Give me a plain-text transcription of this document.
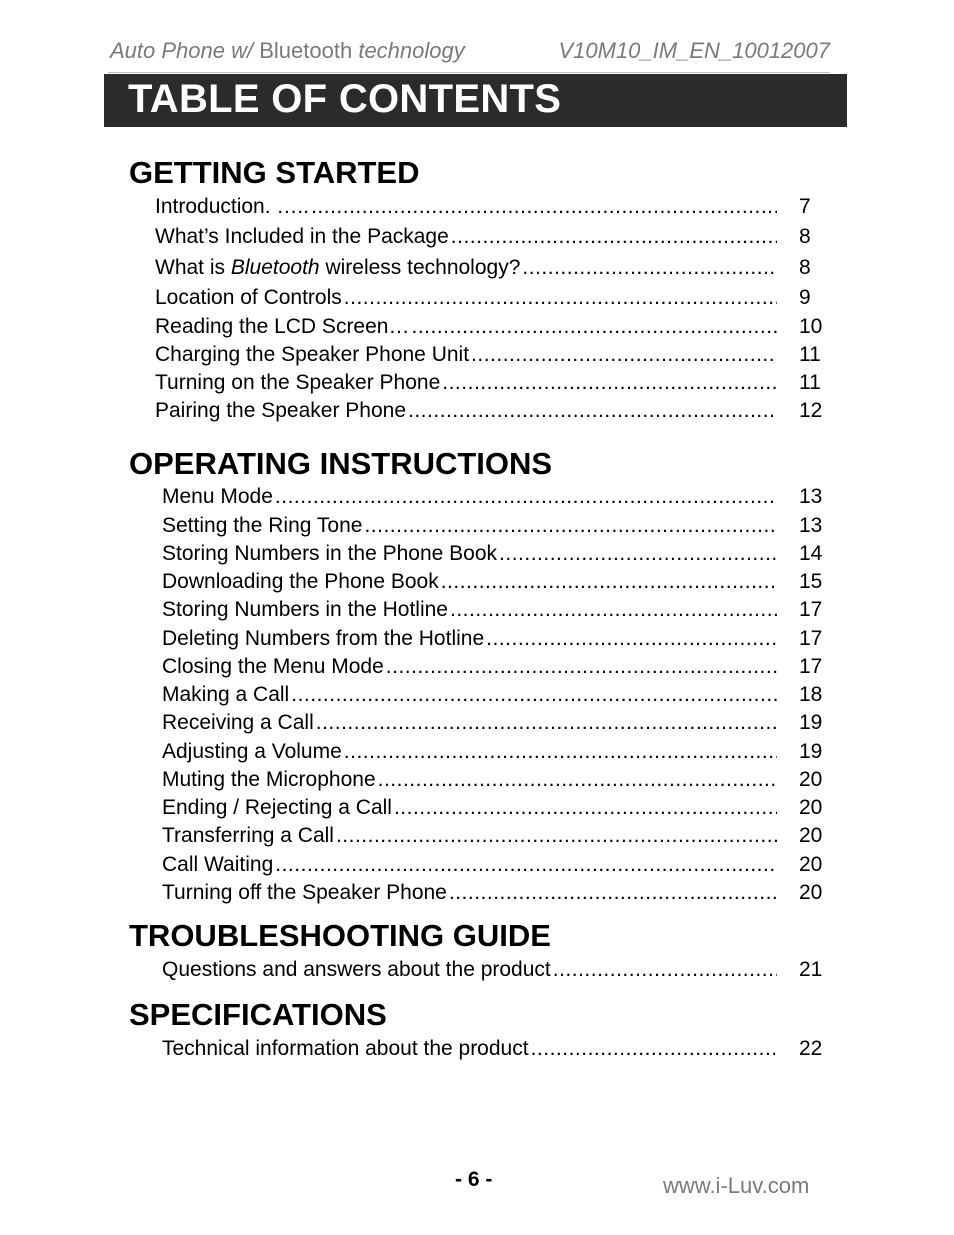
Auto Phone w/ Bluetooth technology	V10M10_IM_EN_10012007
TABLE OF CONTENTS
GETTING STARTED
Introduction. ….. .....	7
What’s Included in the Package .....	8
What is Bluetooth wireless technology? .....	8
Location of Controls .....	9
Reading the LCD Screen… .....	10
Charging the Speaker Phone Unit .....	11
Turning on the Speaker Phone .....	11
Pairing the Speaker Phone .....	12
OPERATING INSTRUCTIONS
Menu Mode .....	13
Setting the Ring Tone .....	13
Storing Numbers in the Phone Book .....	14
Downloading the Phone Book .....	15
Storing Numbers in the Hotline .....	17
Deleting Numbers from the Hotline .....	17
Closing the Menu Mode .....	17
Making a Call .....	18
Receiving a Call .....	19
Adjusting a Volume .....	19
Muting the Microphone .....	20
Ending / Rejecting a Call .....	20
Transferring a Call .....	20
Call Waiting .....	20
Turning off the Speaker Phone .....	20
TROUBLESHOOTING GUIDE
Questions and answers about the product .....	21
SPECIFICATIONS
Technical information about the product .....	22
- 6 -	www.i-Luv.com
